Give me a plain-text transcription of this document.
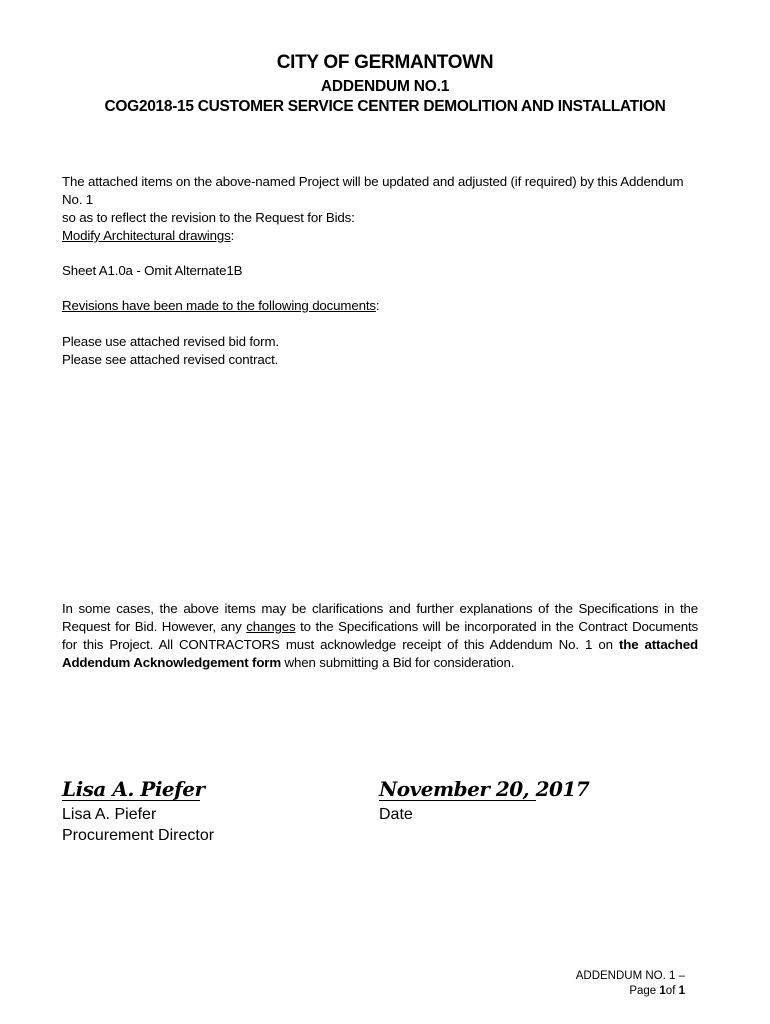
CITY OF GERMANTOWN
ADDENDUM NO.1
COG2018-15 CUSTOMER SERVICE CENTER DEMOLITION AND INSTALLATION
The attached items on the above-named Project will be updated and adjusted (if required) by this Addendum No. 1
so as to reflect the revision to the Request for Bids:
Modify Architectural drawings:
Sheet A1.0a - Omit Alternate1B
Revisions have been made to the following documents:
Please use attached revised bid form.
Please see attached revised contract.
In some cases, the above items may be clarifications and further explanations of the Specifications in the Request for Bid. However, any changes to the Specifications will be incorporated in the Contract Documents for this Project. All CONTRACTORS must acknowledge receipt of this Addendum No. 1 on the attached Addendum Acknowledgement form when submitting a Bid for consideration.
Lisa A. Piefer
Lisa A. Piefer
Procurement Director
November 20, 2017
Date
ADDENDUM NO. 1 –
Page 1of 1
